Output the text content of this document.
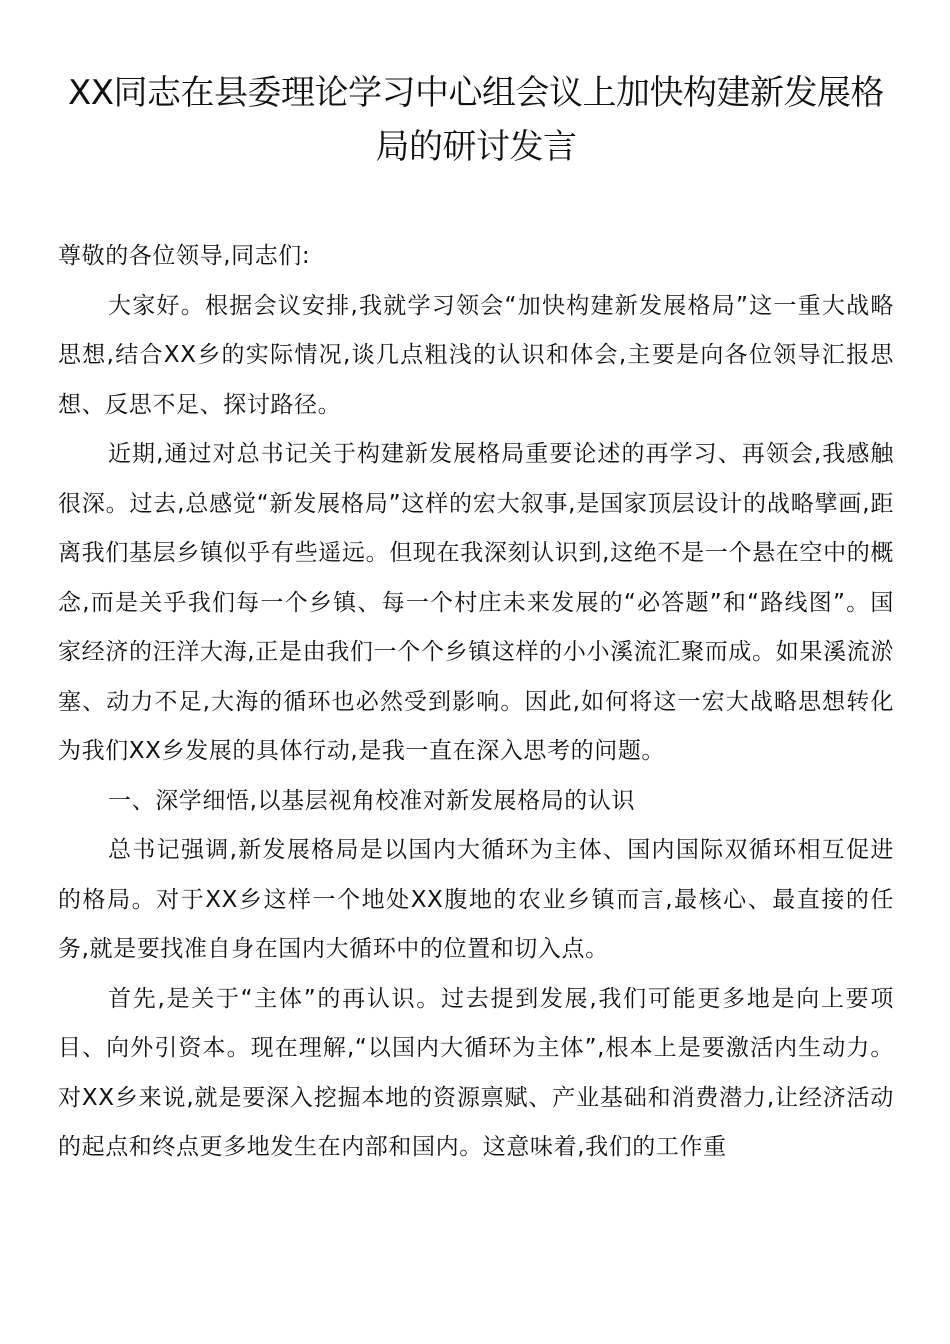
XX同志在县委理论学习中心组会议上加快构建新发展格局的研讨发言

尊敬的各位领导,同志们:

大家好。根据会议安排,我就学习领会“加快构建新发展格局”这一重大战略思想,结合XX乡的实际情况,谈几点粗浅的认识和体会,主要是向各位领导汇报思想、反思不足、探讨路径。

近期,通过对总书记关于构建新发展格局重要论述的再学习、再领会,我感触很深。过去,总感觉“新发展格局”这样的宏大叙事,是国家顶层设计的战略擘画,距离我们基层乡镇似乎有些遥远。但现在我深刻认识到,这绝不是一个悬在空中的概念,而是关乎我们每一个乡镇、每一个村庄未来发展的“必答题”和“路线图”。国家经济的汪洋大海,正是由我们一个个乡镇这样的小小溪流汇聚而成。如果溪流淤塞、动力不足,大海的循环也必然受到影响。因此,如何将这一宏大战略思想转化为我们XX乡发展的具体行动,是我一直在深入思考的问题。

一、深学细悟,以基层视角校准对新发展格局的认识

总书记强调,新发展格局是以国内大循环为主体、国内国际双循环相互促进的格局。对于XX乡这样一个地处XX腹地的农业乡镇而言,最核心、最直接的任务,就是要找准自身在国内大循环中的位置和切入点。

首先,是关于“主体”的再认识。过去提到发展,我们可能更多地是向上要项目、向外引资本。现在理解,“以国内大循环为主体”,根本上是要激活内生动力。对XX乡来说,就是要深入挖掘本地的资源禀赋、产业基础和消费潜力,让经济活动的起点和终点更多地发生在内部和国内。这意味着,我们的工作重
